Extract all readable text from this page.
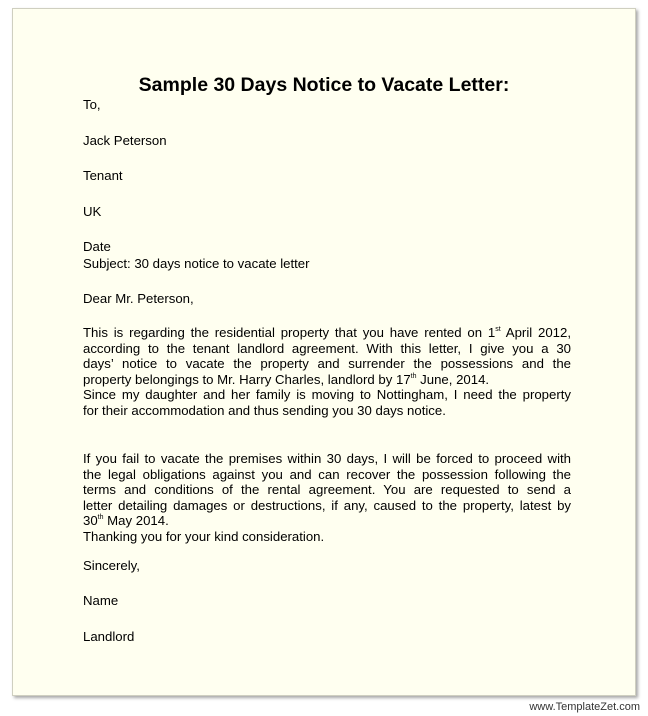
Sample 30 Days Notice to Vacate Letter:
To,
Jack Peterson
Tenant
UK
Date
Subject: 30 days notice to vacate letter
Dear Mr. Peterson,
This is regarding the residential property that you have rented on 1st April 2012,
according to the tenant landlord agreement. With this letter, I give you a 30
days’ notice to vacate the property and surrender the possessions and the
property belongings to Mr. Harry Charles, landlord by 17th June, 2014.
Since my daughter and her family is moving to Nottingham, I need the property
for their accommodation and thus sending you 30 days notice.
If you fail to vacate the premises within 30 days, I will be forced to proceed with
the legal obligations against you and can recover the possession following the
terms and conditions of the rental agreement. You are requested to send a
letter detailing damages or destructions, if any, caused to the property, latest by
30th May 2014.
Thanking you for your kind consideration.
Sincerely,
Name
Landlord
www.TemplateZet.com
